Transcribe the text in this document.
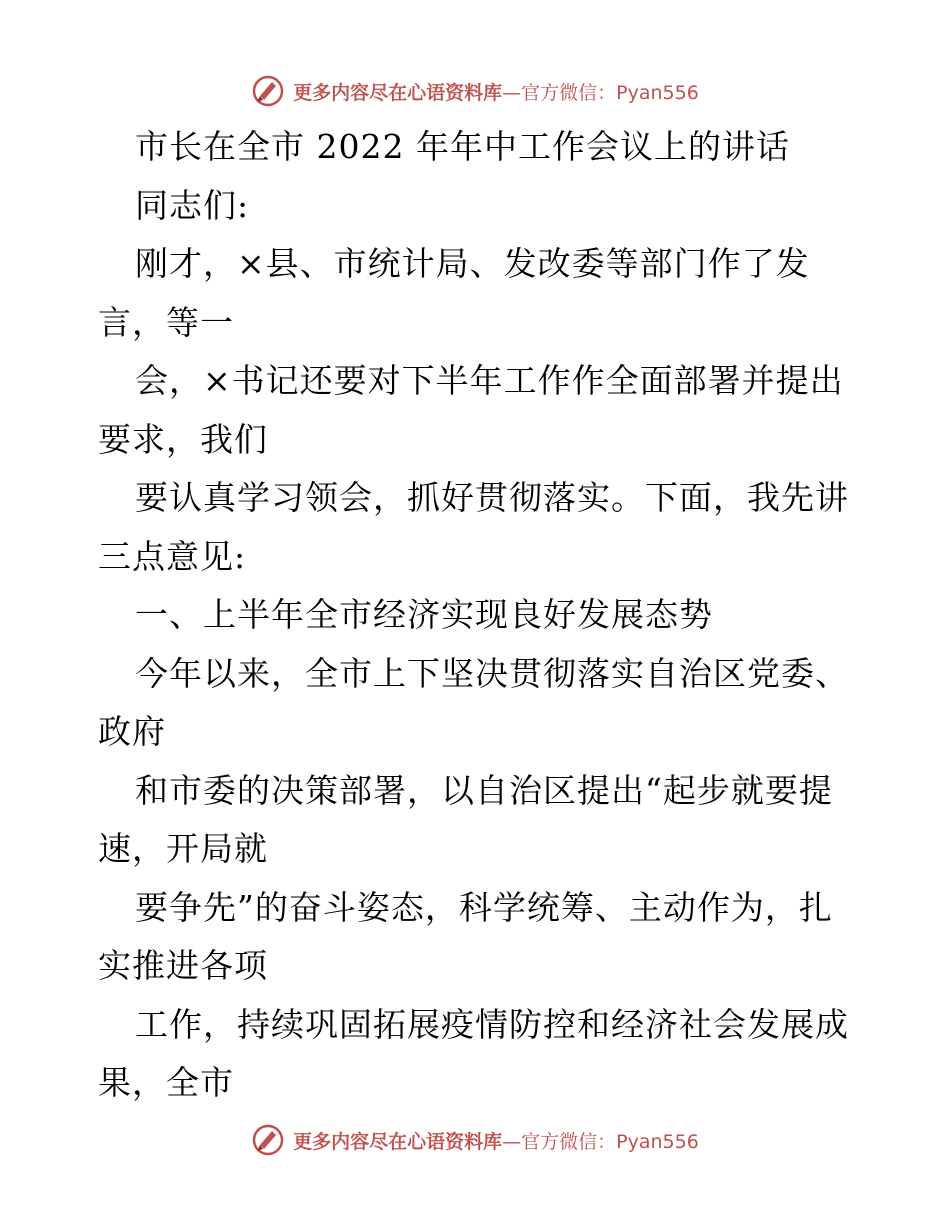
更多内容尽在心语资料库—官方微信：Pyan556
市长在全市 2022 年年中工作会议上的讲话
同志们:
刚才，×县、市统计局、发改委等部门作了发
言，等一
会，×书记还要对下半年工作作全面部署并提出
要求，我们
要认真学习领会，抓好贯彻落实。下面，我先讲
三点意见:
一、上半年全市经济实现良好发展态势
今年以来，全市上下坚决贯彻落实自治区党委、
政府
和市委的决策部署，以自治区提出“起步就要提
速，开局就
要争先”的奋斗姿态，科学统筹、主动作为，扎
实推进各项
工作，持续巩固拓展疫情防控和经济社会发展成
果，全市
更多内容尽在心语资料库—官方微信：Pyan556
